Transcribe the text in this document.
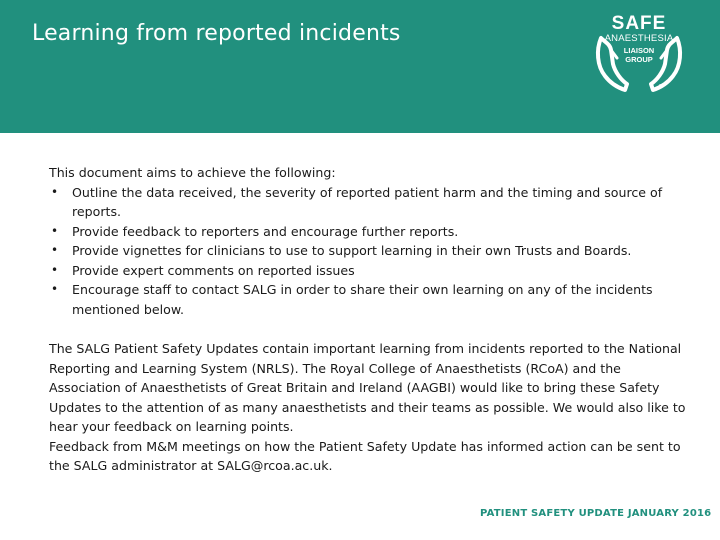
Learning from reported incidents	SAFE
ANAESTHESIA
LIAISON
GROUP
®

This document aims to achieve the following:

• Outline the data received, the severity of reported patient harm and the timing and source of reports.
• Provide feedback to reporters and encourage further reports.
• Provide vignettes for clinicians to use to support learning in their own Trusts and Boards.
• Provide expert comments on reported issues
• Encourage staff to contact SALG in order to share their own learning on any of the incidents mentioned below.

The SALG Patient Safety Updates contain important learning from incidents reported to the National Reporting and Learning System (NRLS). The Royal College of Anaesthetists (RCoA) and the Association of Anaesthetists of Great Britain and Ireland (AAGBI) would like to bring these Safety Updates to the attention of as many anaesthetists and their teams as possible. We would also like to hear your feedback on learning points.

Feedback from M&M meetings on how the Patient Safety Update has informed action can be sent to the SALG administrator at SALG@rcoa.ac.uk.

PATIENT SAFETY UPDATE JANUARY 2016
